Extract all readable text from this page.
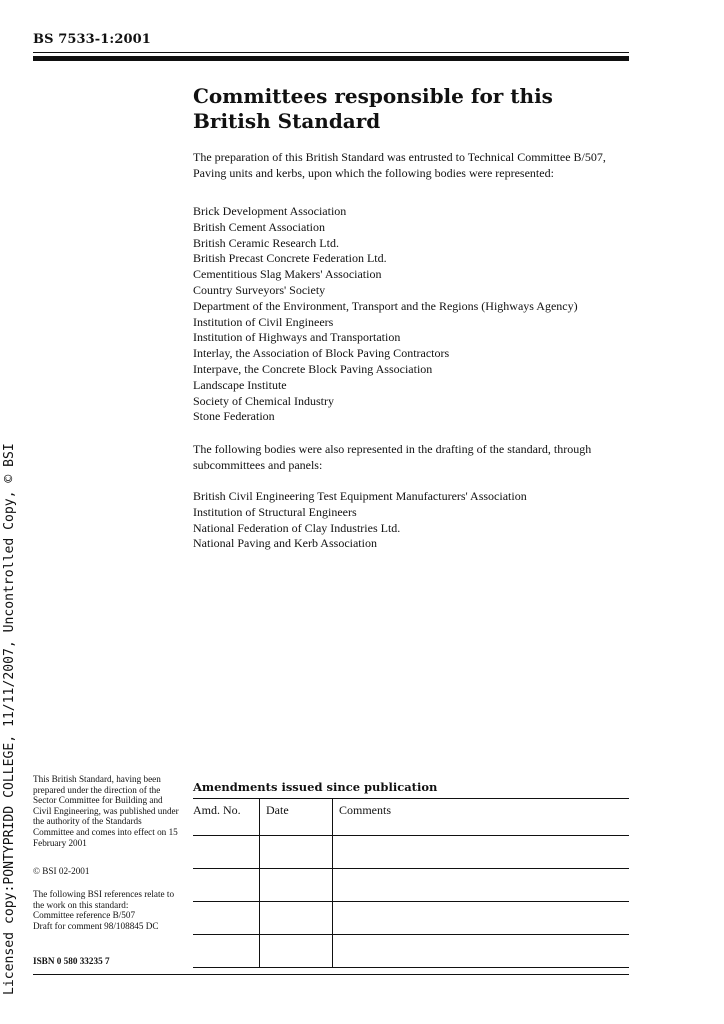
BS 7533-1:2001
Committees responsible for this
British Standard
The preparation of this British Standard was entrusted to Technical Committee B/507, Paving units and kerbs, upon which the following bodies were represented:
Brick Development Association
British Cement Association
British Ceramic Research Ltd.
British Precast Concrete Federation Ltd.
Cementitious Slag Makers' Association
Country Surveyors' Society
Department of the Environment, Transport and the Regions (Highways Agency)
Institution of Civil Engineers
Institution of Highways and Transportation
Interlay, the Association of Block Paving Contractors
Interpave, the Concrete Block Paving Association
Landscape Institute
Society of Chemical Industry
Stone Federation
The following bodies were also represented in the drafting of the standard, through subcommittees and panels:
British Civil Engineering Test Equipment Manufacturers' Association
Institution of Structural Engineers
National Federation of Clay Industries Ltd.
National Paving and Kerb Association
Licensed copy:PONTYPRIDD COLLEGE, 11/11/2007, Uncontrolled Copy, © BSI This British Standard, having been prepared under the direction of the Sector Committee for Building and Civil Engineering, was published under the authority of the Standards Committee and comes into effect on 15 February 2001
© BSI 02-2001
The following BSI references relate to the work on this standard:
Committee reference B/507
Draft for comment 98/108845 DC
ISBN 0 580 33235 7
Amendments issued since publication
Amd. No.	Date	Comments
